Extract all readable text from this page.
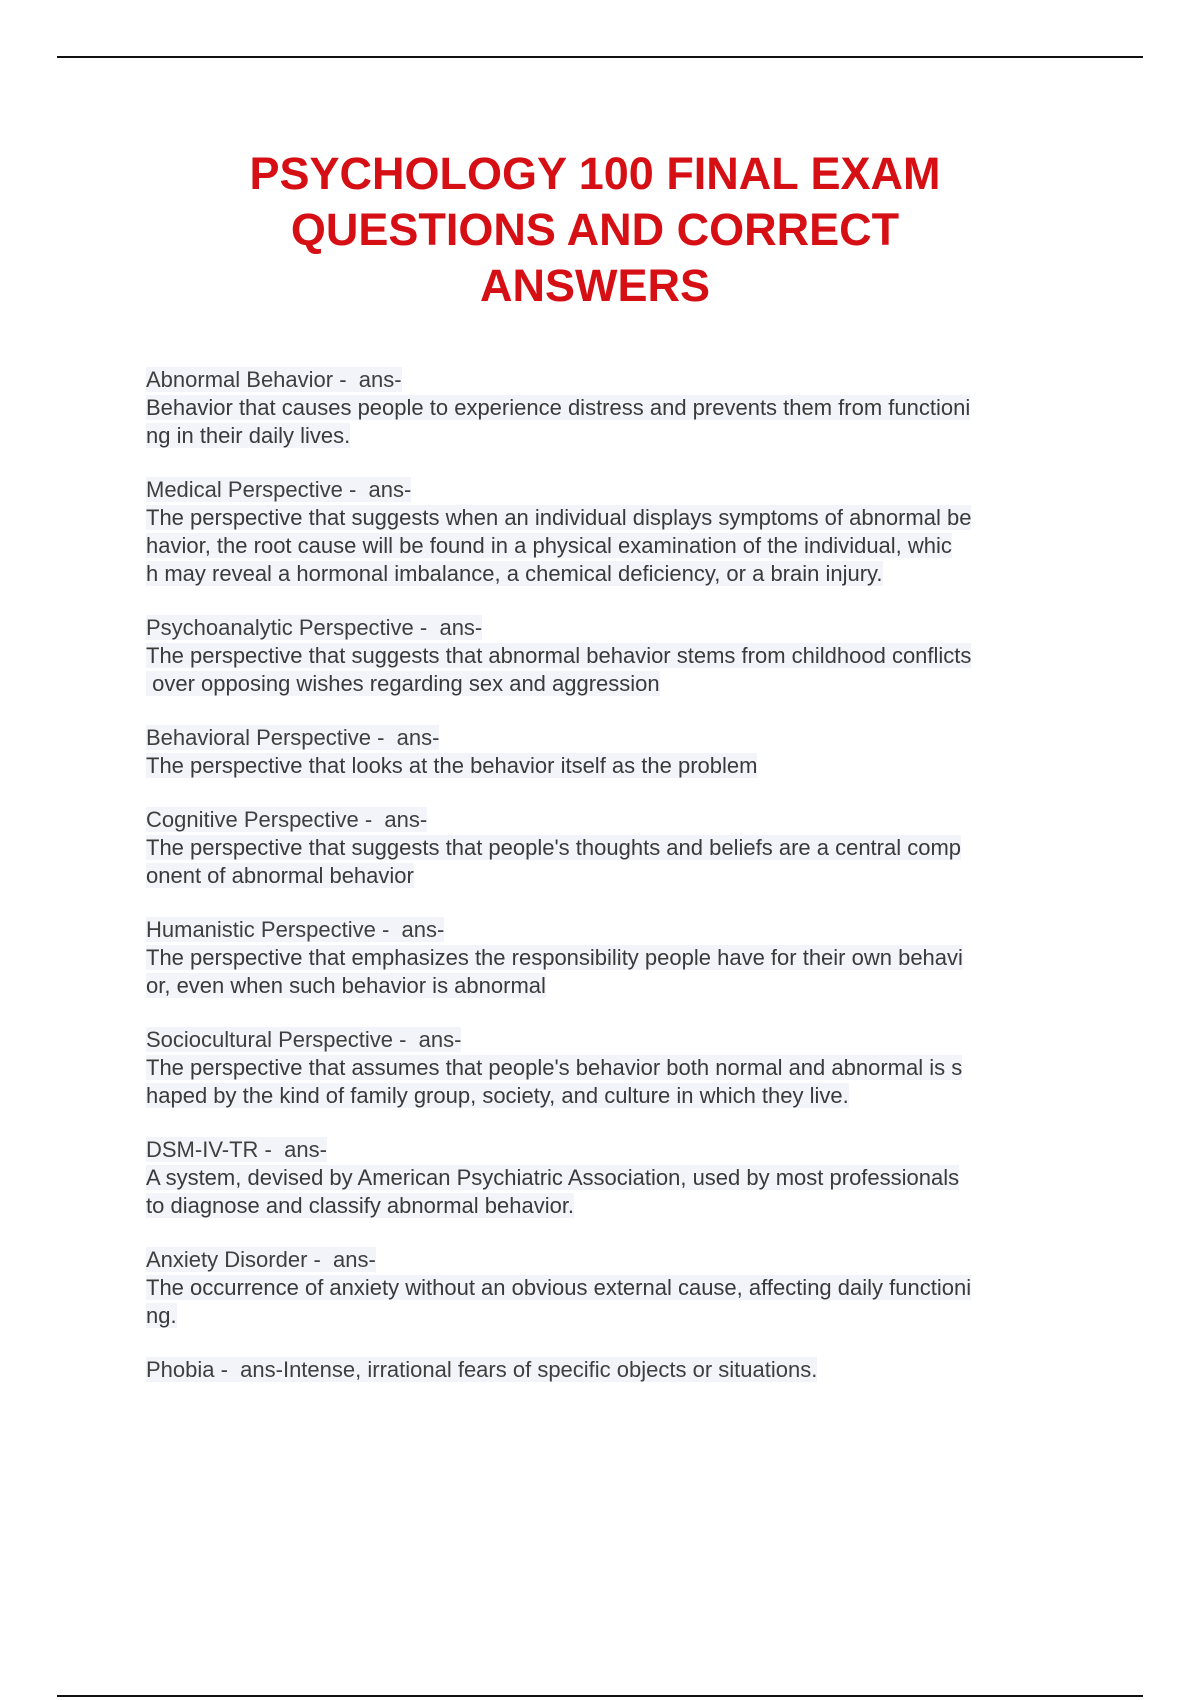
PSYCHOLOGY 100 FINAL EXAM
QUESTIONS AND CORRECT
ANSWERS
Abnormal Behavior -  ans-
Behavior that causes people to experience distress and prevents them from functioni
ng in their daily lives.
Medical Perspective -  ans-
The perspective that suggests when an individual displays symptoms of abnormal be
havior, the root cause will be found in a physical examination of the individual, whic
h may reveal a hormonal imbalance, a chemical deficiency, or a brain injury.
Psychoanalytic Perspective -  ans-
The perspective that suggests that abnormal behavior stems from childhood conflicts
over opposing wishes regarding sex and aggression
Behavioral Perspective -  ans-
The perspective that looks at the behavior itself as the problem
Cognitive Perspective -  ans-
The perspective that suggests that people's thoughts and beliefs are a central comp
onent of abnormal behavior
Humanistic Perspective -  ans-
The perspective that emphasizes the responsibility people have for their own behavi
or, even when such behavior is abnormal
Sociocultural Perspective -  ans-
The perspective that assumes that people's behavior both normal and abnormal is s
haped by the kind of family group, society, and culture in which they live.
DSM-IV-TR -  ans-
A system, devised by American Psychiatric Association, used by most professionals
to diagnose and classify abnormal behavior.
Anxiety Disorder -  ans-
The occurrence of anxiety without an obvious external cause, affecting daily functioni
ng.
Phobia -  ans-Intense, irrational fears of specific objects or situations.
